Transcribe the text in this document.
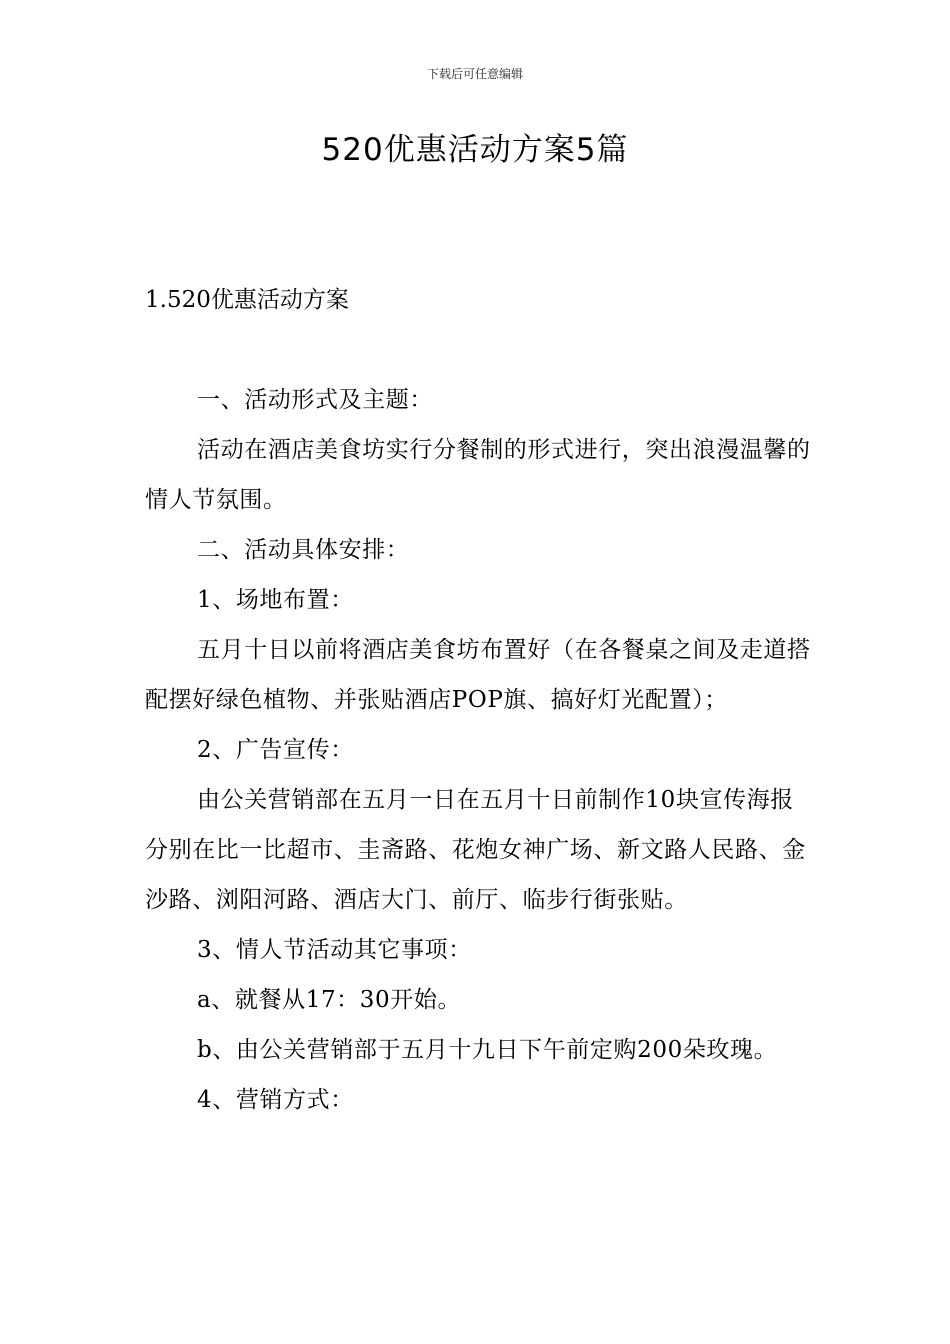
下载后可任意编辑
520优惠活动方案5篇
1.520优惠活动方案

一、活动形式及主题：

活动在酒店美食坊实行分餐制的形式进行，突出浪漫温馨的情人节氛围。

二、活动具体安排：

1、场地布置：

五月十日以前将酒店美食坊布置好（在各餐桌之间及走道搭配摆好绿色植物、并张贴酒店POP旗、搞好灯光配置）；

2、广告宣传：

由公关营销部在五月一日在五月十日前制作10块宣传海报分别在比一比超市、圭斋路、花炮女神广场、新文路人民路、金沙路、浏阳河路、酒店大门、前厅、临步行街张贴。

3、情人节活动其它事项：

a、就餐从17：30开始。

b、由公关营销部于五月十九日下午前定购200朵玫瑰。

4、营销方式：
